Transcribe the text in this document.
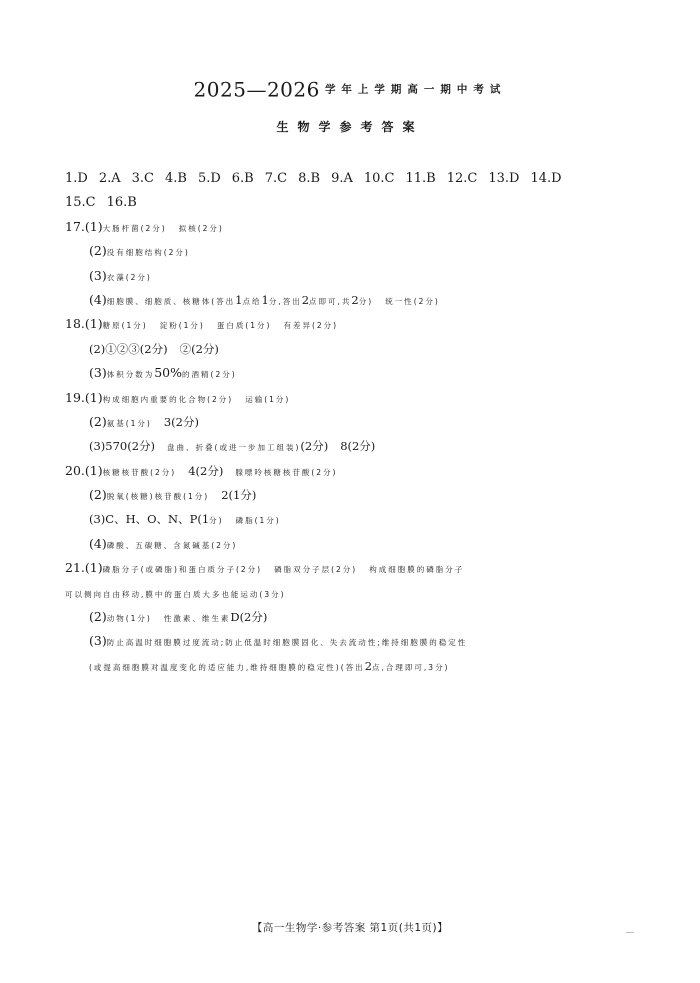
2025—2026 学年上学期高一期中考试
生物学参考答案
1.D 2.A 3.C 4.B 5.D 6.B 7.C 8.B 9.A 10.C 11.B 12.C 13.D 14.D
15.C 16.B
17.(1)大肠杆菌(2分) 拟核(2分)
(2)没有细胞结构(2分)
(3)衣藻(2分)
(4)细胞膜、细胞质、核糖体(答出1点给1分,答出2点即可,共2分) 统一性(2分)
18.(1)糖原(1分) 淀粉(1分) 蛋白质(1分) 有差异(2分)
(2)①②③(2分) ②(2分)
(3)体积分数为50%的酒精(2分)
19.(1)构成细胞内重要的化合物(2分) 运输(1分)
(2)氨基(1分) 3(2分)
(3)570(2分) 盘曲、折叠(或进一步加工组装)(2分) 8(2分)
20.(1)核糖核苷酸(2分) 4(2分) 腺嘌呤核糖核苷酸(2分)
(2)脱氧(核糖)核苷酸(1分) 2(1分)
(3)C、H、O、N、P(1分) 磷脂(1分)
(4)磷酸、五碳糖、含氮碱基(2分)
21.(1)磷脂分子(或磷脂)和蛋白质分子(2分) 磷脂双分子层(2分) 构成细胞膜的磷脂分子
可以侧向自由移动,膜中的蛋白质大多也能运动(3分)
(2)动物(1分) 性激素、维生素D(2分)
(3)防止高温时细胞膜过度流动;防止低温时细胞膜固化、失去流动性;维持细胞膜的稳定性
(或提高细胞膜对温度变化的适应能力,维持细胞膜的稳定性)(答出2点,合理即可,3分)
【高一生物学·参考答案 第1页(共1页)】
